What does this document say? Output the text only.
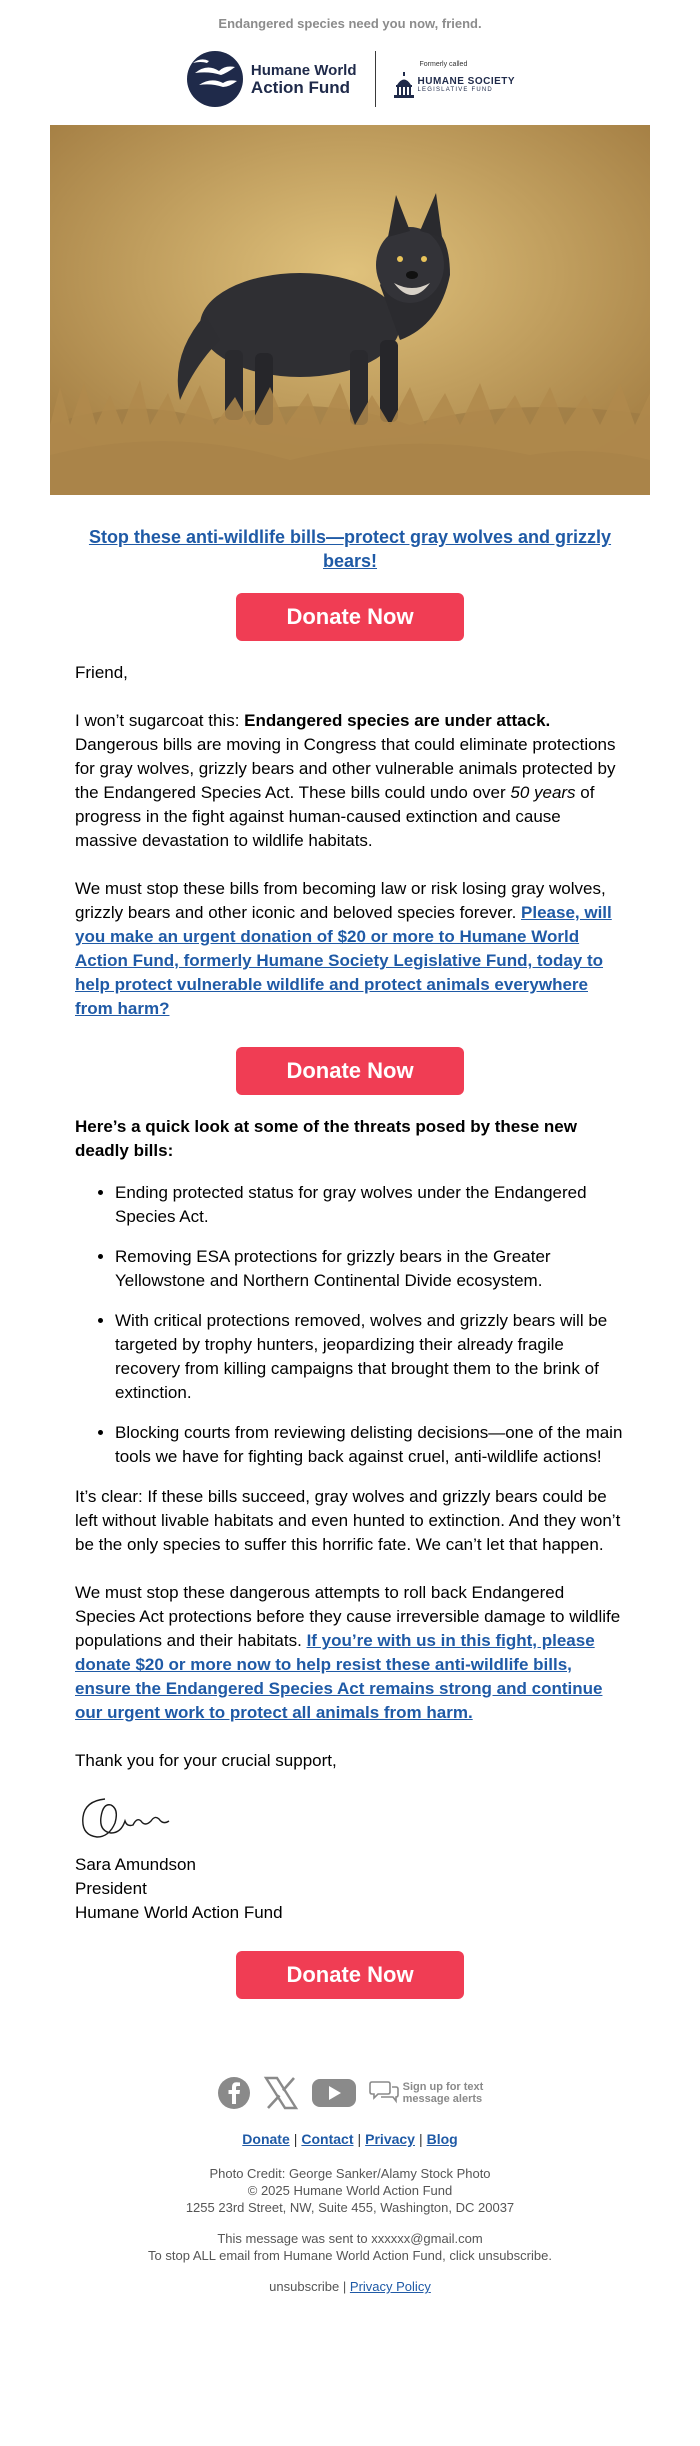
Endangered species need you now, friend.
Humane World
Action Fund
Formerly called
HUMANE SOCIETY
LEGISLATIVE FUND
Stop these anti-wildlife bills—protect gray wolves and grizzly bears!
Donate Now

Friend,

I won’t sugarcoat this: Endangered species are under attack. Dangerous bills are moving in Congress that could eliminate protections for gray wolves, grizzly bears and other vulnerable animals protected by the Endangered Species Act. These bills could undo over 50 years of progress in the fight against human-caused extinction and cause massive devastation to wildlife habitats.

We must stop these bills from becoming law or risk losing gray wolves, grizzly bears and other iconic and beloved species forever. Please, will you make an urgent donation of $20 or more to Humane World Action Fund, formerly Humane Society Legislative Fund, today to help protect vulnerable wildlife and protect animals everywhere from harm?

Donate Now

Here’s a quick look at some of the threats posed by these new deadly bills:

• Ending protected status for gray wolves under the Endangered Species Act.
• Removing ESA protections for grizzly bears in the Greater Yellowstone and Northern Continental Divide ecosystem.
• With critical protections removed, wolves and grizzly bears will be targeted by trophy hunters, jeopardizing their already fragile recovery from killing campaigns that brought them to the brink of extinction.
• Blocking courts from reviewing delisting decisions—one of the main tools we have for fighting back against cruel, anti-wildlife actions!

It’s clear: If these bills succeed, gray wolves and grizzly bears could be left without livable habitats and even hunted to extinction. And they won’t be the only species to suffer this horrific fate. We can’t let that happen.

We must stop these dangerous attempts to roll back Endangered Species Act protections before they cause irreversible damage to wildlife populations and their habitats. If you’re with us in this fight, please donate $20 or more now to help resist these anti-wildlife bills, ensure the Endangered Species Act remains strong and continue our urgent work to protect all animals from harm.

Thank you for your crucial support,

Sara

Sara Amundson

President

Humane World Action Fund

Donate Now
Sign up for text
message alerts
Donate | Contact | Privacy | Blog
Photo Credit: George Sanker/Alamy Stock Photo
© 2025 Humane World Action Fund
1255 23rd Street, NW, Suite 455, Washington, DC 20037
This message was sent to xxxxxx@gmail.com
To stop ALL email from Humane World Action Fund, click unsubscribe.
unsubscribe | Privacy Policy
